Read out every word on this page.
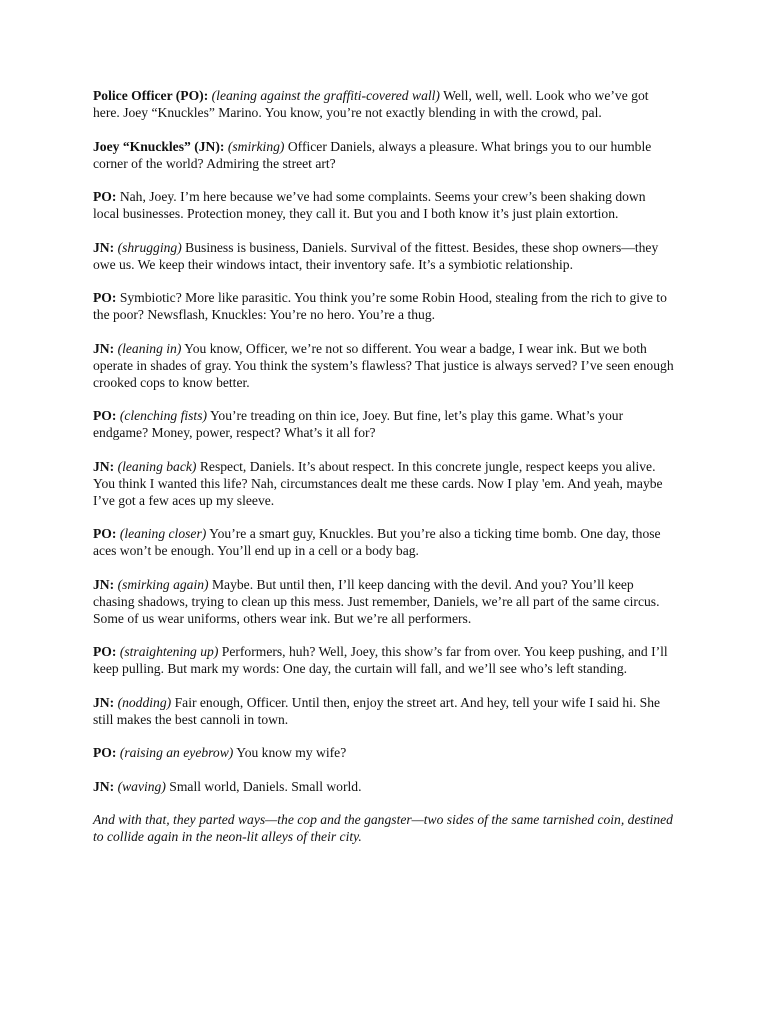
Police Officer (PO): (leaning against the graffiti-covered wall) Well, well, well. Look who we’ve got here. Joey “Knuckles” Marino. You know, you’re not exactly blending in with the crowd, pal.

Joey “Knuckles” (JN): (smirking) Officer Daniels, always a pleasure. What brings you to our humble corner of the world? Admiring the street art?

PO: Nah, Joey. I’m here because we’ve had some complaints. Seems your crew’s been shaking down local businesses. Protection money, they call it. But you and I both know it’s just plain extortion.

JN: (shrugging) Business is business, Daniels. Survival of the fittest. Besides, these shop owners—they owe us. We keep their windows intact, their inventory safe. It’s a symbiotic relationship.

PO: Symbiotic? More like parasitic. You think you’re some Robin Hood, stealing from the rich to give to the poor? Newsflash, Knuckles: You’re no hero. You’re a thug.

JN: (leaning in) You know, Officer, we’re not so different. You wear a badge, I wear ink. But we both operate in shades of gray. You think the system’s flawless? That justice is always served? I’ve seen enough crooked cops to know better.

PO: (clenching fists) You’re treading on thin ice, Joey. But fine, let’s play this game. What’s your endgame? Money, power, respect? What’s it all for?

JN: (leaning back) Respect, Daniels. It’s about respect. In this concrete jungle, respect keeps you alive. You think I wanted this life? Nah, circumstances dealt me these cards. Now I play 'em. And yeah, maybe I’ve got a few aces up my sleeve.

PO: (leaning closer) You’re a smart guy, Knuckles. But you’re also a ticking time bomb. One day, those aces won’t be enough. You’ll end up in a cell or a body bag.

JN: (smirking again) Maybe. But until then, I’ll keep dancing with the devil. And you? You’ll keep chasing shadows, trying to clean up this mess. Just remember, Daniels, we’re all part of the same circus. Some of us wear uniforms, others wear ink. But we’re all performers.

PO: (straightening up) Performers, huh? Well, Joey, this show’s far from over. You keep pushing, and I’ll keep pulling. But mark my words: One day, the curtain will fall, and we’ll see who’s left standing.

JN: (nodding) Fair enough, Officer. Until then, enjoy the street art. And hey, tell your wife I said hi. She still makes the best cannoli in town.

PO: (raising an eyebrow) You know my wife?

JN: (waving) Small world, Daniels. Small world.

And with that, they parted ways—the cop and the gangster—two sides of the same tarnished coin, destined to collide again in the neon-lit alleys of their city.
